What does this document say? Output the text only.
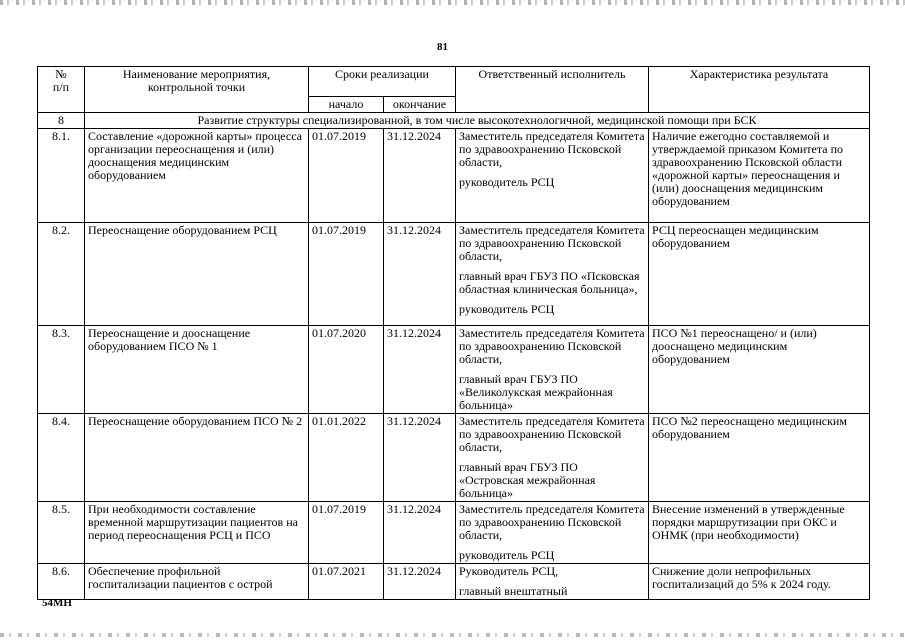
81
№
п/п	Наименование мероприятия,
контрольной точки	Сроки реализации		Ответственный исполнитель	Характеристика результата
		начало	окончание		
8	Развитие структуры специализированной, в том числе высокотехнологичной, медицинской помощи при БСК				
8.1.	Составление «дорожной карты» процесса организации переоснащения и (или) дооснащения медицинским оборудованием	01.07.2019	31.12.2024	Заместитель председателя Комитета по здравоохранению Псковской области,
руководитель РСЦ	Наличие ежегодно составляемой и утверждаемой приказом Комитета по здравоохранению Псковской области «дорожной карты» переоснащения и (или) дооснащения медицинским оборудованием
8.2.	Переоснащение оборудованием РСЦ	01.07.2019	31.12.2024	Заместитель председателя Комитета по здравоохранению Псковской области,
главный врач ГБУЗ ПО «Псковская областная клиническая больница»,
руководитель РСЦ	РСЦ переоснащен медицинским оборудованием
8.3.	Переоснащение и дооснащение оборудованием ПСО № 1	01.07.2020	31.12.2024	Заместитель председателя Комитета по здравоохранению Псковской области,
главный врач ГБУЗ ПО «Великолукская межрайонная больница»	ПСО №1 переоснащено/ и (или) дооснащено медицинским оборудованием
8.4.	Переоснащение оборудованием ПСО № 2	01.01.2022	31.12.2024	Заместитель председателя Комитета по здравоохранению Псковской области,
главный врач ГБУЗ ПО «Островская межрайонная больница»	ПСО №2 переоснащено медицинским оборудованием
8.5.	При необходимости составление временной маршрутизации пациентов на период переоснащения РСЦ и ПСО	01.07.2019	31.12.2024	Заместитель председателя Комитета по здравоохранению Псковской области,
руководитель РСЦ	Внесение изменений в утвержденные порядки маршрутизации при ОКС и ОНМК (при необходимости)
8.6.	Обеспечение профильной госпитализации пациентов с острой	01.07.2021	31.12.2024	Руководитель РСЦ,
главный внештатный	Снижение доли непрофильных госпитализаций до 5% к 2024 году.
54МН
